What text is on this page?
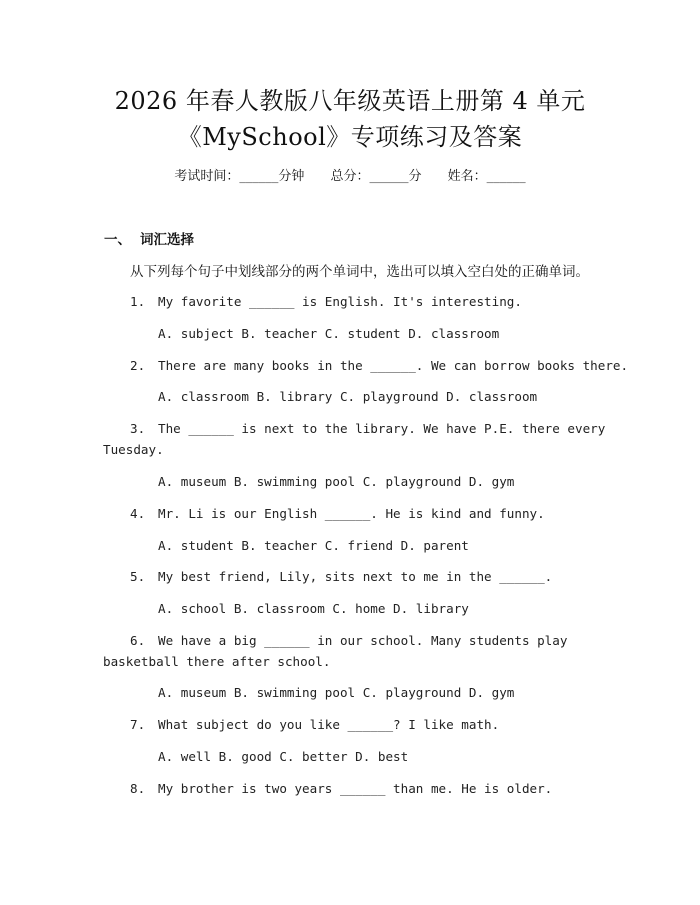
2026 年春人教版八年级英语上册第 4 单元
《MySchool》专项练习及答案
考试时间：______分钟 总分：______分 姓名：______
一、 词汇选择
从下列每个句子中划线部分的两个单词中，选出可以填入空白处的正确单词。
1. My favorite ______ is English. It's interesting.
A. subject B. teacher C. student D. classroom
2. There are many books in the ______. We can borrow books there.
A. classroom B. library C. playground D. classroom
3. The ______ is next to the library. We have P.E. there every
Tuesday.
A. museum B. swimming pool C. playground D. gym
4. Mr. Li is our English ______. He is kind and funny.
A. student B. teacher C. friend D. parent
5. My best friend, Lily, sits next to me in the ______.
A. school B. classroom C. home D. library
6. We have a big ______ in our school. Many students play
basketball there after school.
A. museum B. swimming pool C. playground D. gym
7. What subject do you like ______? I like math.
A. well B. good C. better D. best
8. My brother is two years ______ than me. He is older.
